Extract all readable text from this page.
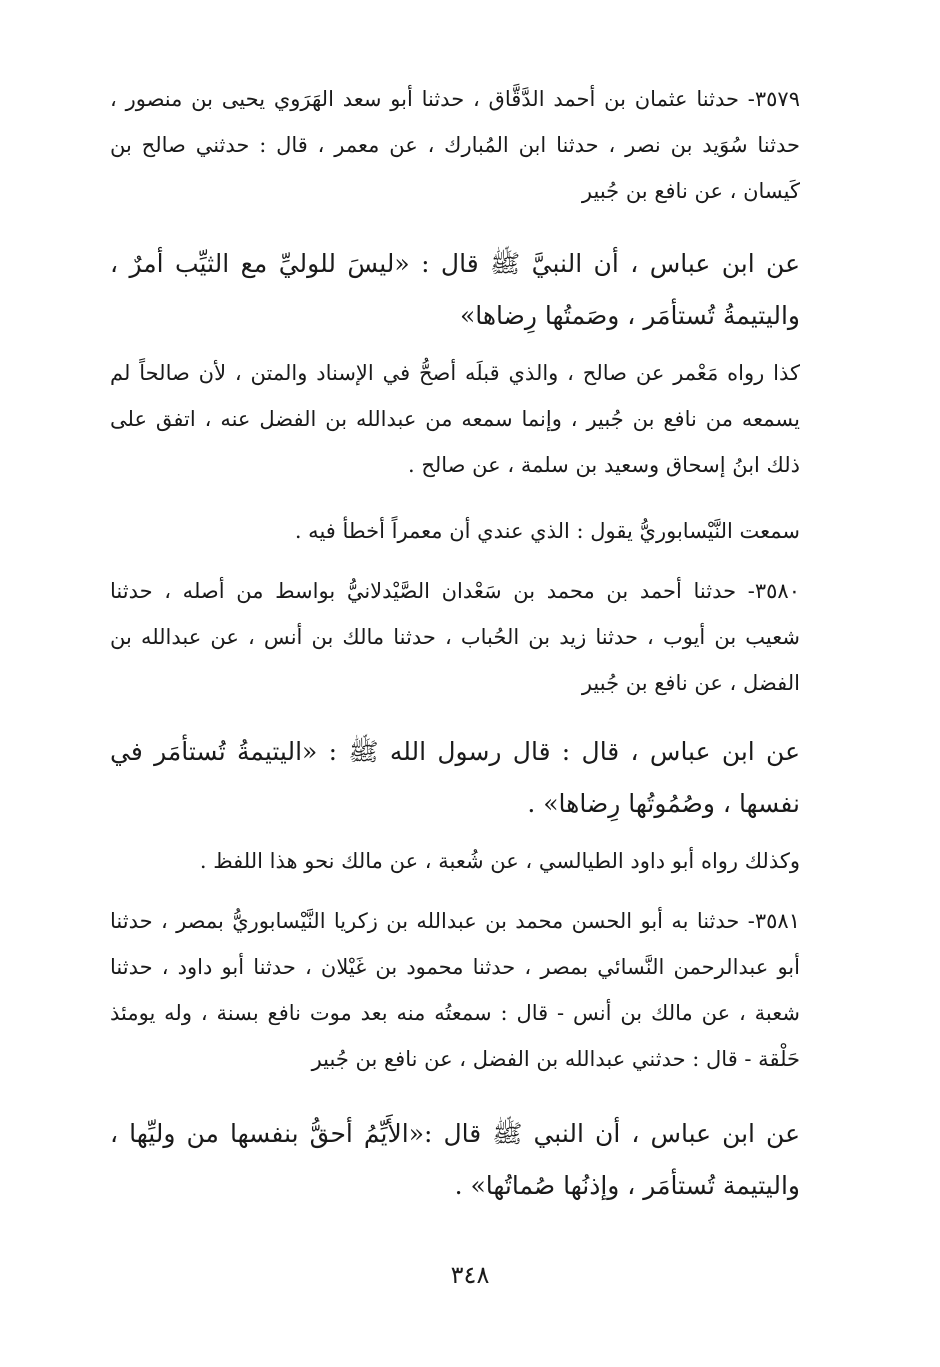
٣٥٧٩- حدثنا عثمان بن أحمد الدَّقَّاق ، حدثنا أبو سعد الهَرَوي يحيى بن منصور ، حدثنا سُوَيد بن نصر ، حدثنا ابن المُبارك ، عن معمر ، قال : حدثني صالح بن كَيسان ، عن نافع بن جُبير

عن ابن عباس ، أن النبيَّ ﷺ قال : «ليسَ للوليِّ مع الثيِّب أمرٌ ، واليتيمةُ تُستأمَر ، وصَمتُها رِضاها»

كذا رواه مَعْمر عن صالح ، والذي قبلَه أصحُّ في الإسناد والمتن ، لأن صالحاً لم يسمعه من نافع بن جُبير ، وإنما سمعه من عبدالله بن الفضل عنه ، اتفق على ذلك ابنُ إسحاق وسعيد بن سلمة ، عن صالح .

سمعت النَّيْسابوريُّ يقول : الذي عندي أن معمراً أخطأ فيه .

٣٥٨٠- حدثنا أحمد بن محمد بن سَعْدان الصَّيْدلانيُّ بواسط من أصله ، حدثنا شعيب بن أيوب ، حدثنا زيد بن الحُباب ، حدثنا مالك بن أنس ، عن عبدالله بن الفضل ، عن نافع بن جُبير

عن ابن عباس ، قال : قال رسول الله ﷺ : «اليتيمةُ تُستأمَر في نفسها ، وصُمُوتُها رِضاها» .

وكذلك رواه أبو داود الطيالسي ، عن شُعبة ، عن مالك نحو هذا اللفظ .

٣٥٨١- حدثنا به أبو الحسن محمد بن عبدالله بن زكريا النَّيْسابوريُّ بمصر ، حدثنا أبو عبدالرحمن النَّسائي بمصر ، حدثنا محمود بن غَيْلان ، حدثنا أبو داود ، حدثنا شعبة ، عن مالك بن أنس - قال : سمعتُه منه بعد موت نافع بسنة ، وله يومئذ حَلْقة - قال : حدثني عبدالله بن الفضل ، عن نافع بن جُبير

عن ابن عباس ، أن النبي ﷺ قال :«الأَيِّمُ أحقُّ بنفسها من وليِّها ، واليتيمة تُستأمَر ، وإذنُها صُماتُها» .

٣٤٨
